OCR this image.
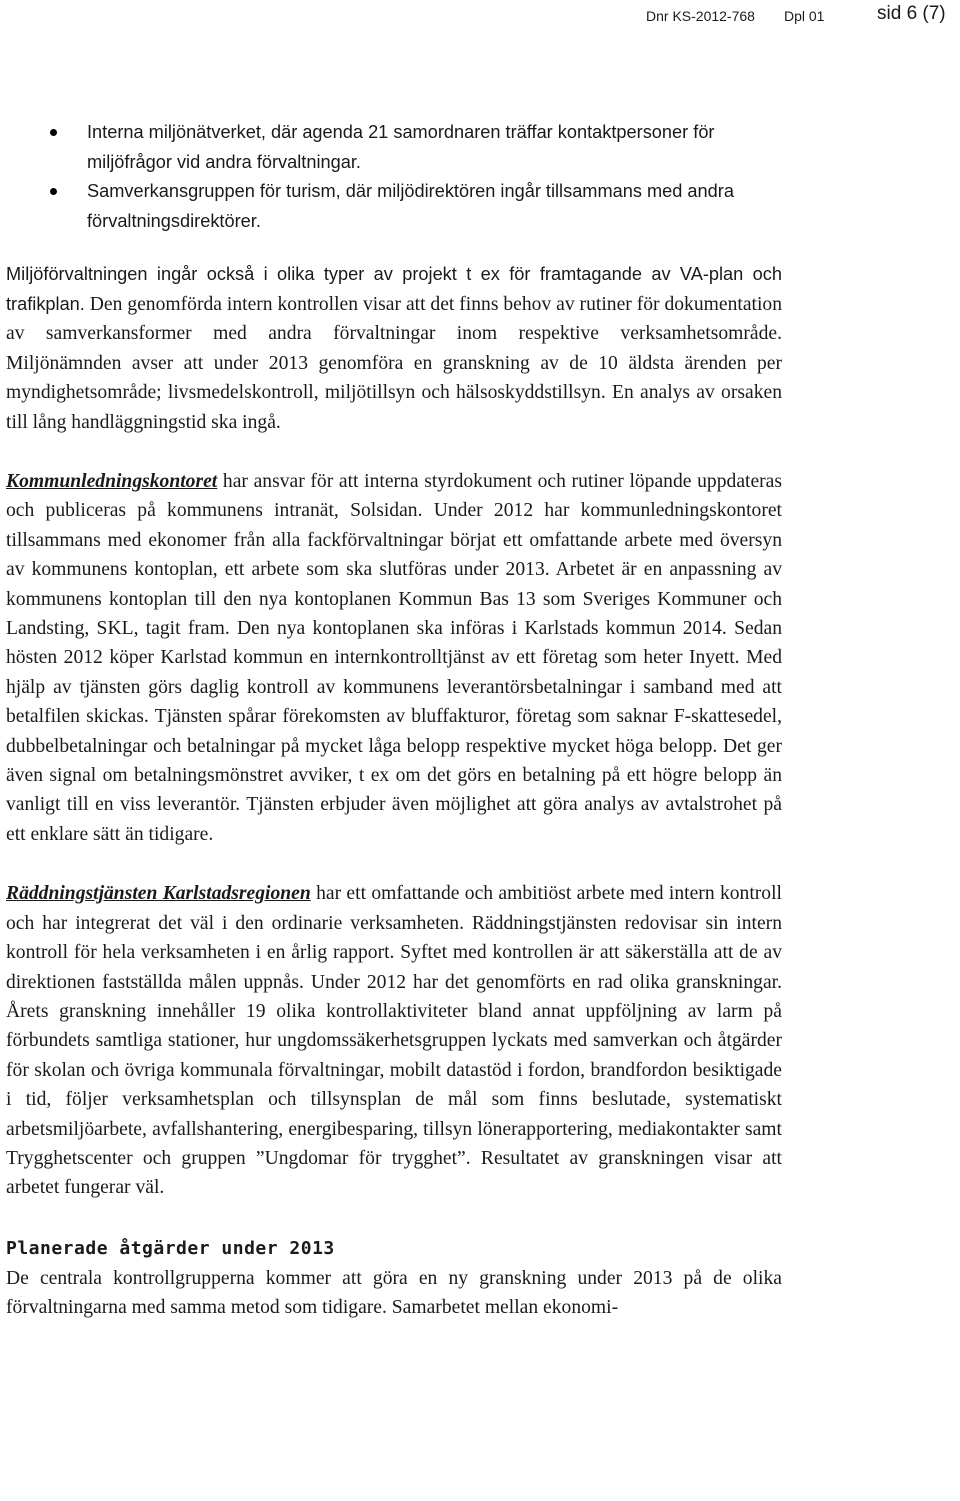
Dnr KS-2012-768 Dpl 01	sid 6 (7)
Interna miljönätverket, där agenda 21 samordnaren träffar kontaktpersoner för miljöfrågor vid andra förvaltningar.
Samverkansgruppen för turism, där miljödirektören ingår tillsammans med andra förvaltningsdirektörer.

Miljöförvaltningen ingår också i olika typer av projekt t ex för framtagande av VA-plan och trafikplan. Den genomförda intern kontrollen visar att det finns behov av rutiner för dokumentation av samverkansformer med andra förvaltningar inom respektive verksamhetsområde. Miljönämnden avser att under 2013 genomföra en granskning av de 10 äldsta ärenden per myndighetsområde; livsmedelskontroll, miljötillsyn och hälsoskyddstillsyn. En analys av orsaken till lång handläggningstid ska ingå.

Kommunledningskontoret har ansvar för att interna styrdokument och rutiner löpande uppdateras och publiceras på kommunens intranät, Solsidan. Under 2012 har kommunledningskontoret tillsammans med ekonomer från alla fackförvaltningar börjat ett omfattande arbete med översyn av kommunens kontoplan, ett arbete som ska slutföras under 2013. Arbetet är en anpassning av kommunens kontoplan till den nya kontoplanen Kommun Bas 13 som Sveriges Kommuner och Landsting, SKL, tagit fram. Den nya kontoplanen ska införas i Karlstads kommun 2014. Sedan hösten 2012 köper Karlstad kommun en internkontrolltjänst av ett företag som heter Inyett. Med hjälp av tjänsten görs daglig kontroll av kommunens leverantörsbetalningar i samband med att betalfilen skickas. Tjänsten spårar förekomsten av bluffakturor, företag som saknar F-skattesedel, dubbelbetalningar och betalningar på mycket låga belopp respektive mycket höga belopp. Det ger även signal om betalningsmönstret avviker, t ex om det görs en betalning på ett högre belopp än vanligt till en viss leverantör. Tjänsten erbjuder även möjlighet att göra analys av avtalstrohet på ett enklare sätt än tidigare.

Räddningstjänsten Karlstadsregionen har ett omfattande och ambitiöst arbete med intern kontroll och har integrerat det väl i den ordinarie verksamheten. Räddningstjänsten redovisar sin intern kontroll för hela verksamheten i en årlig rapport. Syftet med kontrollen är att säkerställa att de av direktionen fastställda målen uppnås. Under 2012 har det genomförts en rad olika granskningar. Årets granskning innehåller 19 olika kontrollaktiviteter bland annat uppföljning av larm på förbundets samtliga stationer, hur ungdomssäkerhetsgruppen lyckats med samverkan och åtgärder för skolan och övriga kommunala förvaltningar, mobilt datastöd i fordon, brandfordon besiktigade i tid, följer verksamhetsplan och tillsynsplan de mål som finns beslutade, systematiskt arbetsmiljöarbete, avfallshantering, energibesparing, tillsyn lönerapportering, mediakontakter samt Trygghetscenter och gruppen ”Ungdomar för trygghet”. Resultatet av granskningen visar att arbetet fungerar väl.

Planerade åtgärder under 2013

De centrala kontrollgrupperna kommer att göra en ny granskning under 2013 på de olika förvaltningarna med samma metod som tidigare. Samarbetet mellan ekonomi-
